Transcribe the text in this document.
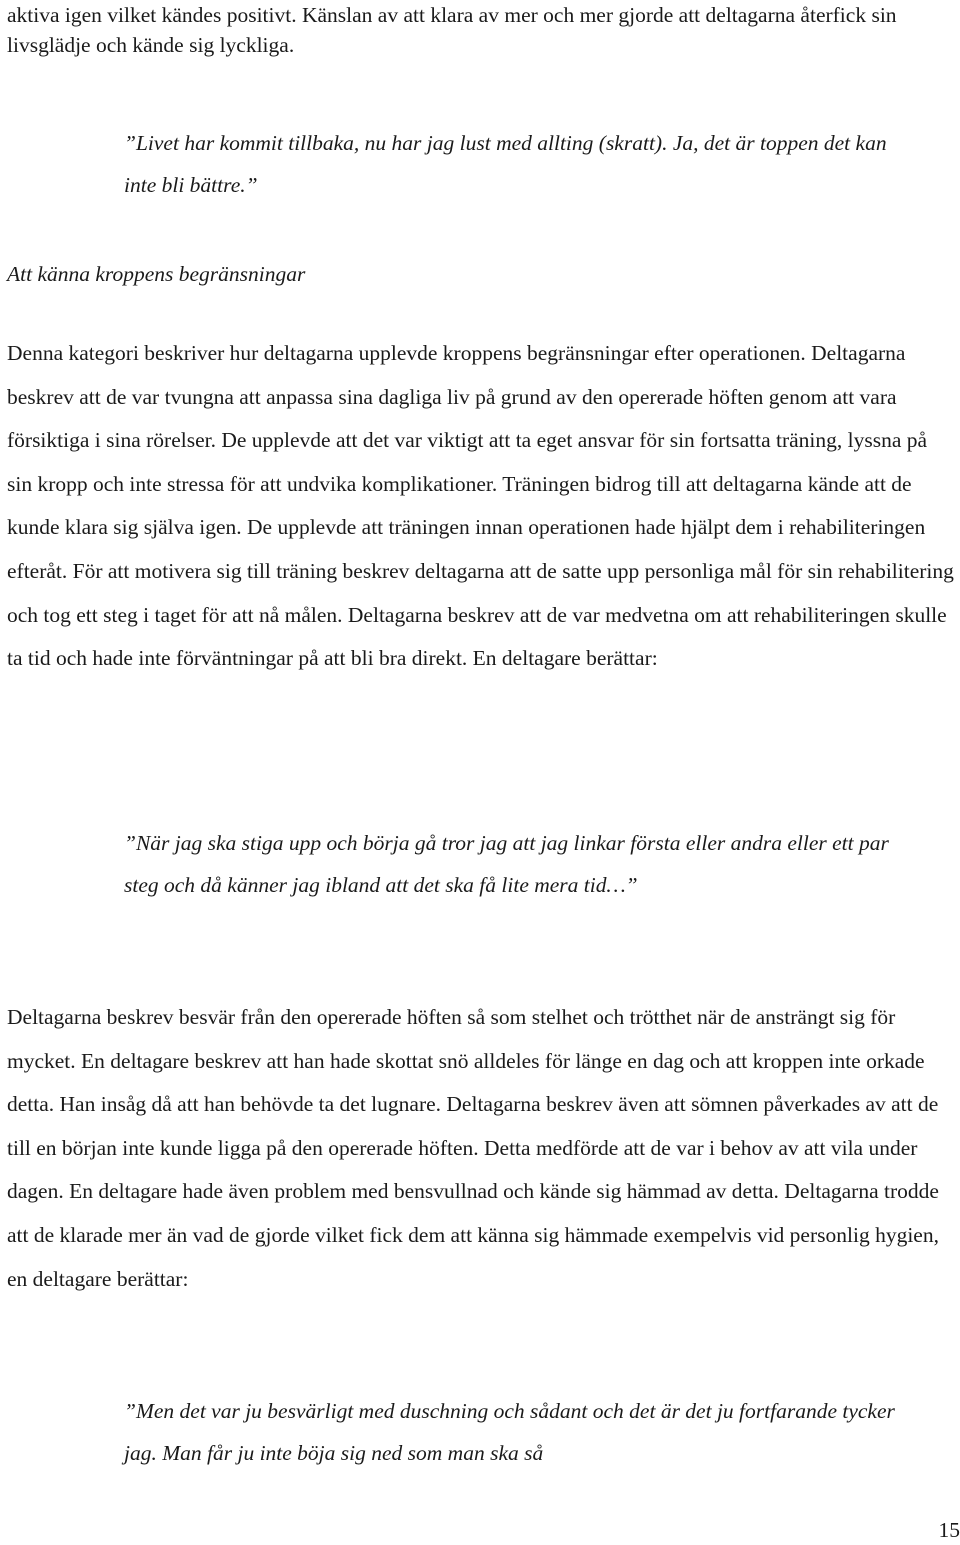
aktiva igen vilket kändes positivt. Känslan av att klara av mer och mer gjorde att deltagarna återfick sin livsglädje och kände sig lyckliga.

”Livet har kommit tillbaka, nu har jag lust med allting (skratt). Ja, det är toppen det kan inte bli bättre.”

Att känna kroppens begränsningar

Denna kategori beskriver hur deltagarna upplevde kroppens begränsningar efter operationen. Deltagarna beskrev att de var tvungna att anpassa sina dagliga liv på grund av den opererade höften genom att vara försiktiga i sina rörelser. De upplevde att det var viktigt att ta eget ansvar för sin fortsatta träning, lyssna på sin kropp och inte stressa för att undvika komplikationer. Träningen bidrog till att deltagarna kände att de kunde klara sig själva igen. De upplevde att träningen innan operationen hade hjälpt dem i rehabiliteringen efteråt. För att motivera sig till träning beskrev deltagarna att de satte upp personliga mål för sin rehabilitering och tog ett steg i taget för att nå målen. Deltagarna beskrev att de var medvetna om att rehabiliteringen skulle ta tid och hade inte förväntningar på att bli bra direkt. En deltagare berättar:

”När jag ska stiga upp och börja gå tror jag att jag linkar första eller andra eller ett par steg och då känner jag ibland att det ska få lite mera tid…”

Deltagarna beskrev besvär från den opererade höften så som stelhet och trötthet när de ansträngt sig för mycket. En deltagare beskrev att han hade skottat snö alldeles för länge en dag och att kroppen inte orkade detta. Han insåg då att han behövde ta det lugnare. Deltagarna beskrev även att sömnen påverkades av att de till en början inte kunde ligga på den opererade höften. Detta medförde att de var i behov av att vila under dagen. En deltagare hade även problem med bensvullnad och kände sig hämmad av detta. Deltagarna trodde att de klarade mer än vad de gjorde vilket fick dem att känna sig hämmade exempelvis vid personlig hygien, en deltagare berättar:

”Men det var ju besvärligt med duschning och sådant och det är det ju fortfarande tycker jag. Man får ju inte böja sig ned som man ska så

15
